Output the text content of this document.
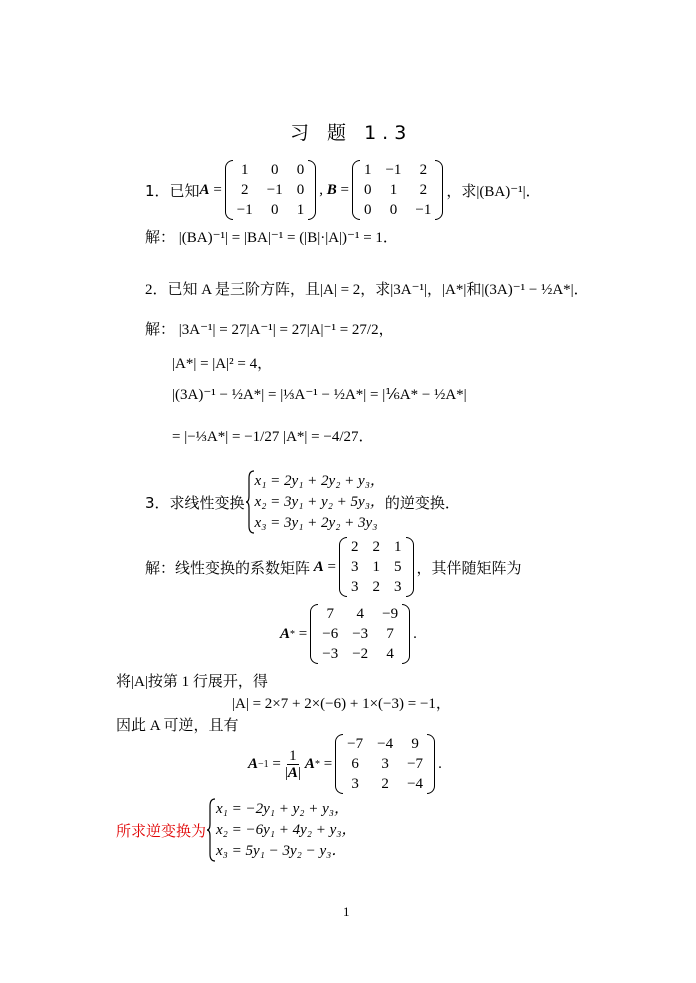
习 题 1.3
1．已知 A =
1 0 0
2 −1 0
−1 0 1
, B =
1 −1 2
0 1 2
0 0 −1
，求|(BA)⁻¹|．
解： |(BA)⁻¹| = |BA|⁻¹ = (|B|·|A|)⁻¹ = 1．
2．已知 A 是三阶方阵，且|A| = 2，求|3A⁻¹|，|A*|和|(3A)⁻¹ − ½A*|．
解： |3A⁻¹| = 27|A⁻¹| = 27|A|⁻¹ = 27/2，
|A*| = |A|² = 4，
|(3A)⁻¹ − ½A*| = |⅓A⁻¹ − ½A*| = |⅙A* − ½A*|
= |−⅓A*| = −1/27 |A*| = −4/27．
3．求线性变换
x₁ = 2y₁ + 2y₂ + y₃，
x₂ = 3y₁ + y₂ + 5y₃，
x₃ = 3y₁ + 2y₂ + 3y₃
的逆变换．
解： 线性变换的系数矩阵 A =
2 2 1
3 1 5
3 2 3
，其伴随矩阵为
A * =
7 4 −9
−6 −3 7
−3 −2 4
.
将|A|按第 1 行展开，得
|A| = 2×7 + 2×(−6) + 1×(−3) = −1，
因此 A 可逆，且有
$A -1 = \frac{1}{|A|}$ A * =
−7 −4 9
6 3 −7
3 2 −4
.
所求逆变换为
x₁ = −2y₁ + y₂ + y₃，
x₂ = −6y₁ + 4y₂ + y₃，
x₃ = 5y₁ − 3y₂ − y₃．
1
